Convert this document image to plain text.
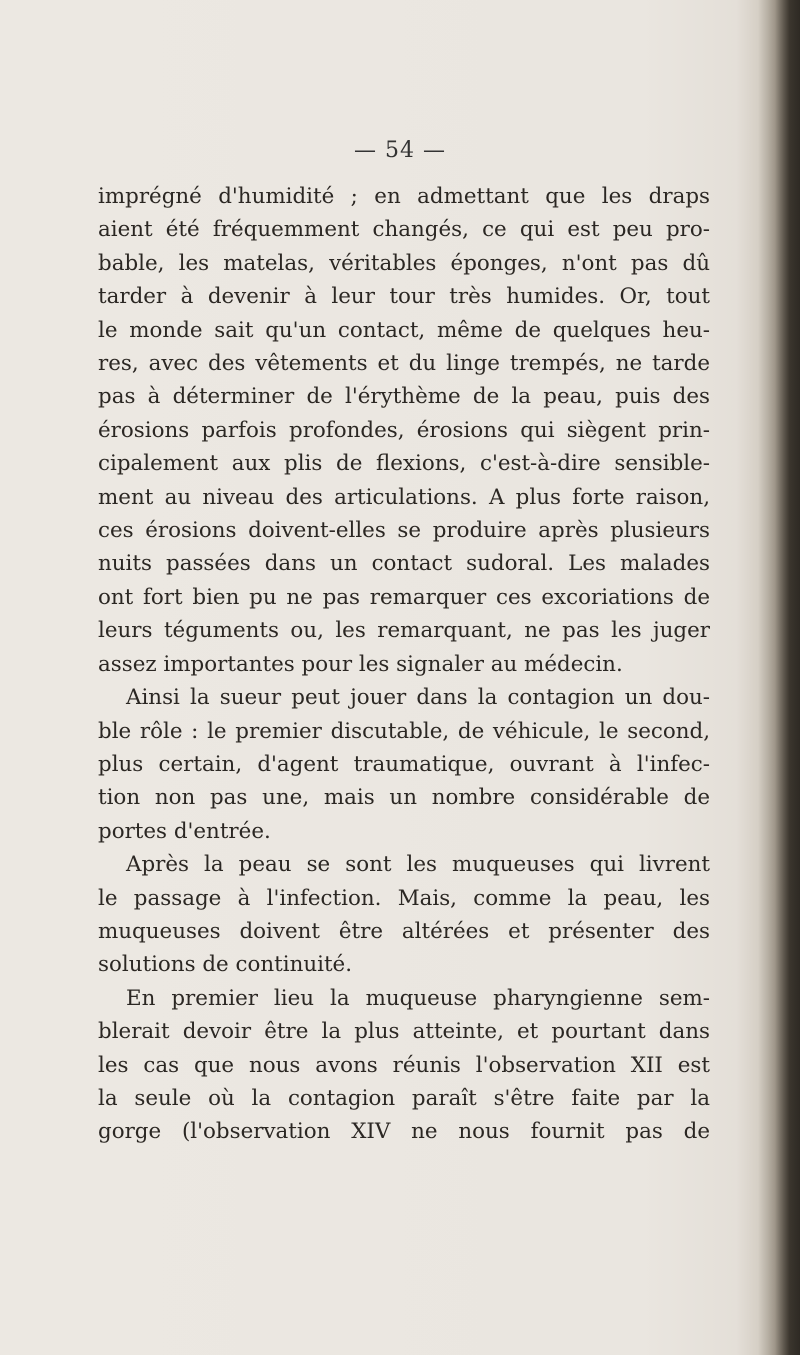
— 54 —

imprégné d'humidité ; en admettant que les draps
aient été fréquemment changés, ce qui est peu pro-
bable, les matelas, véritables éponges, n'ont pas dû
tarder à devenir à leur tour très humides. Or, tout
le monde sait qu'un contact, même de quelques heu-
res, avec des vêtements et du linge trempés, ne tarde
pas à déterminer de l'érythème de la peau, puis des
érosions parfois profondes, érosions qui siègent prin-
cipalement aux plis de flexions, c'est-à-dire sensible-
ment au niveau des articulations. A plus forte raison,
ces érosions doivent-elles se produire après plusieurs
nuits passées dans un contact sudoral. Les malades
ont fort bien pu ne pas remarquer ces excoriations de
leurs téguments ou, les remarquant, ne pas les juger
assez importantes pour les signaler au médecin.

Ainsi la sueur peut jouer dans la contagion un dou-
ble rôle : le premier discutable, de véhicule, le second,
plus certain, d'agent traumatique, ouvrant à l'infec-
tion non pas une, mais un nombre considérable de
portes d'entrée.

Après la peau se sont les muqueuses qui livrent
le passage à l'infection. Mais, comme la peau, les
muqueuses doivent être altérées et présenter des
solutions de continuité.

En premier lieu la muqueuse pharyngienne sem-
blerait devoir être la plus atteinte, et pourtant dans
les cas que nous avons réunis l'observation XII est
la seule où la contagion paraît s'être faite par la
gorge (l'observation XIV ne nous fournit pas de
